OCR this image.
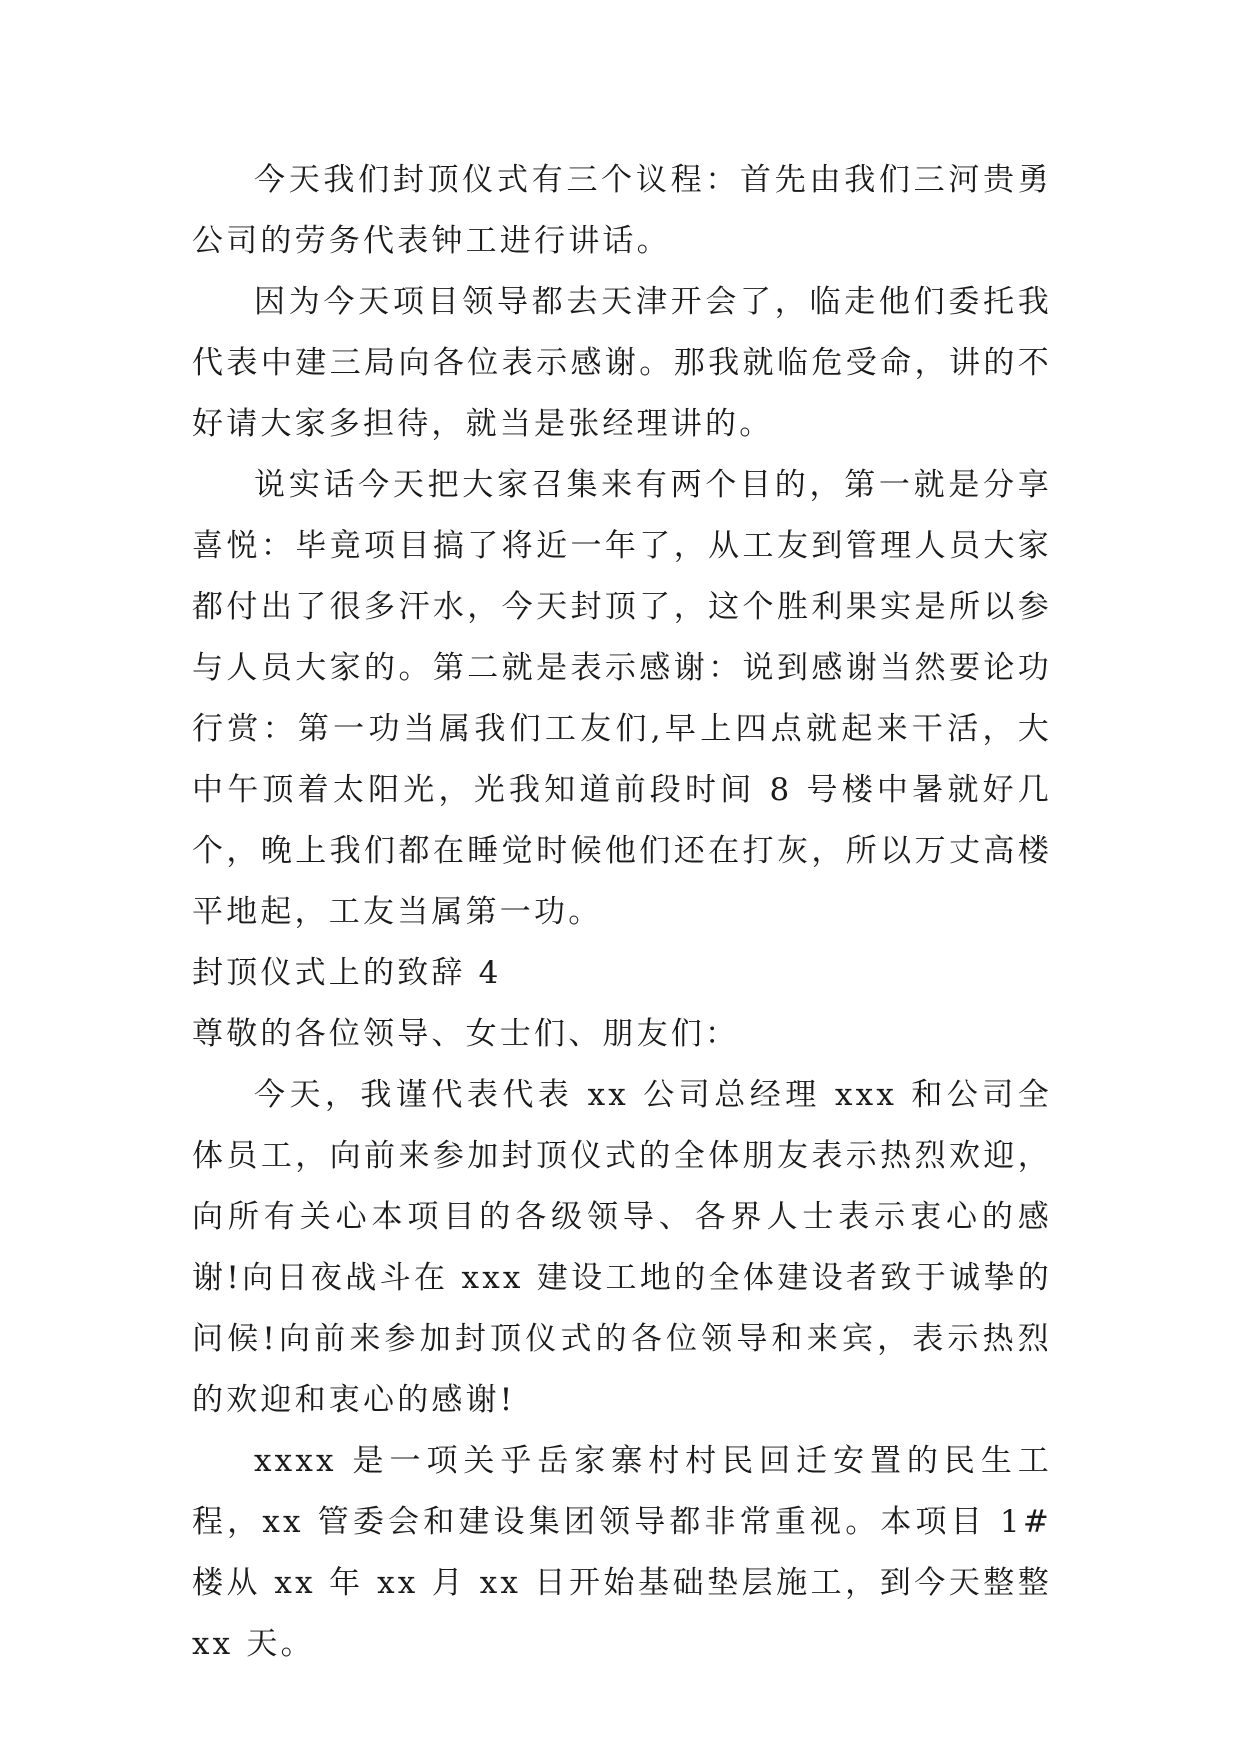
今天我们封顶仪式有三个议程：首先由我们三河贵勇公司的劳务代表钟工进行讲话。

因为今天项目领导都去天津开会了，临走他们委托我代表中建三局向各位表示感谢。那我就临危受命，讲的不好请大家多担待，就当是张经理讲的。

说实话今天把大家召集来有两个目的，第一就是分享喜悦：毕竟项目搞了将近一年了，从工友到管理人员大家都付出了很多汗水，今天封顶了，这个胜利果实是所以参与人员大家的。第二就是表示感谢：说到感谢当然要论功行赏：第一功当属我们工友们,早上四点就起来干活，大中午顶着太阳光，光我知道前段时间 8 号楼中暑就好几个，晚上我们都在睡觉时候他们还在打灰，所以万丈高楼平地起，工友当属第一功。

封顶仪式上的致辞 4

尊敬的各位领导、女士们、朋友们：

今天，我谨代表代表 xx 公司总经理 xxx 和公司全体员工，向前来参加封顶仪式的全体朋友表示热烈欢迎，向所有关心本项目的各级领导、各界人士表示衷心的感谢!向日夜战斗在 xxx 建设工地的全体建设者致于诚挚的问候!向前来参加封顶仪式的各位领导和来宾，表示热烈的欢迎和衷心的感谢!

xxxx 是一项关乎岳家寨村村民回迁安置的民生工程，xx 管委会和建设集团领导都非常重视。本项目 1#楼从 xx 年 xx 月 xx 日开始基础垫层施工，到今天整整 xx 天。
